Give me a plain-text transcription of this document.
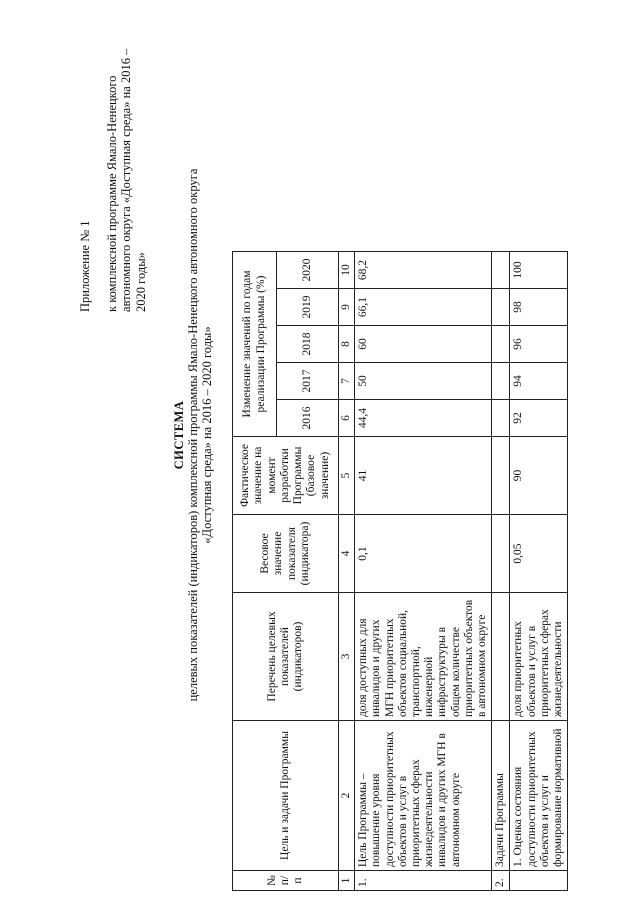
Приложение № 1 к комплексной программе Ямало-Ненецкого автономного округа «Доступная среда» на 2016 – 2020 годы»
СИСТЕМА целевых показателей (индикаторов) комплексной программы Ямало-Ненецкого автономного округа «Доступная среда» на 2016 – 2020 годы»
№ п/п	Цель и задачи Программы	Перечень целевых показателей (индикаторов)	Весовое значение показателя (индикатора)	Фактическое значение на момент разработки Программы (базовое значение)	Изменение значений по годам реализации Программы (%)				
					2016	2017	2018	2019	2020
1	2	3	4	5	6	7	8	9	10
1.	Цель Программы – повышение уровня доступности приоритетных объектов и услуг в приоритетных сферах жизнедеятельности инвалидов и других МГН в автономном округе	доля доступных для инвалидов и других МГН приоритетных объектов социальной, транспортной, инженерной инфраструктуры в общем количестве приоритетных объектов в автономном округе	0,1	41	44,4	50	60	66,1	68,2
2.	Задачи Программы								
	1. Оценка состояния доступности приоритетных объектов и услуг и формирование нормативной	доля приоритетных объектов и услуг в приоритетных сферах жизнедеятельности	0,05	90	92	94	96	98	100
